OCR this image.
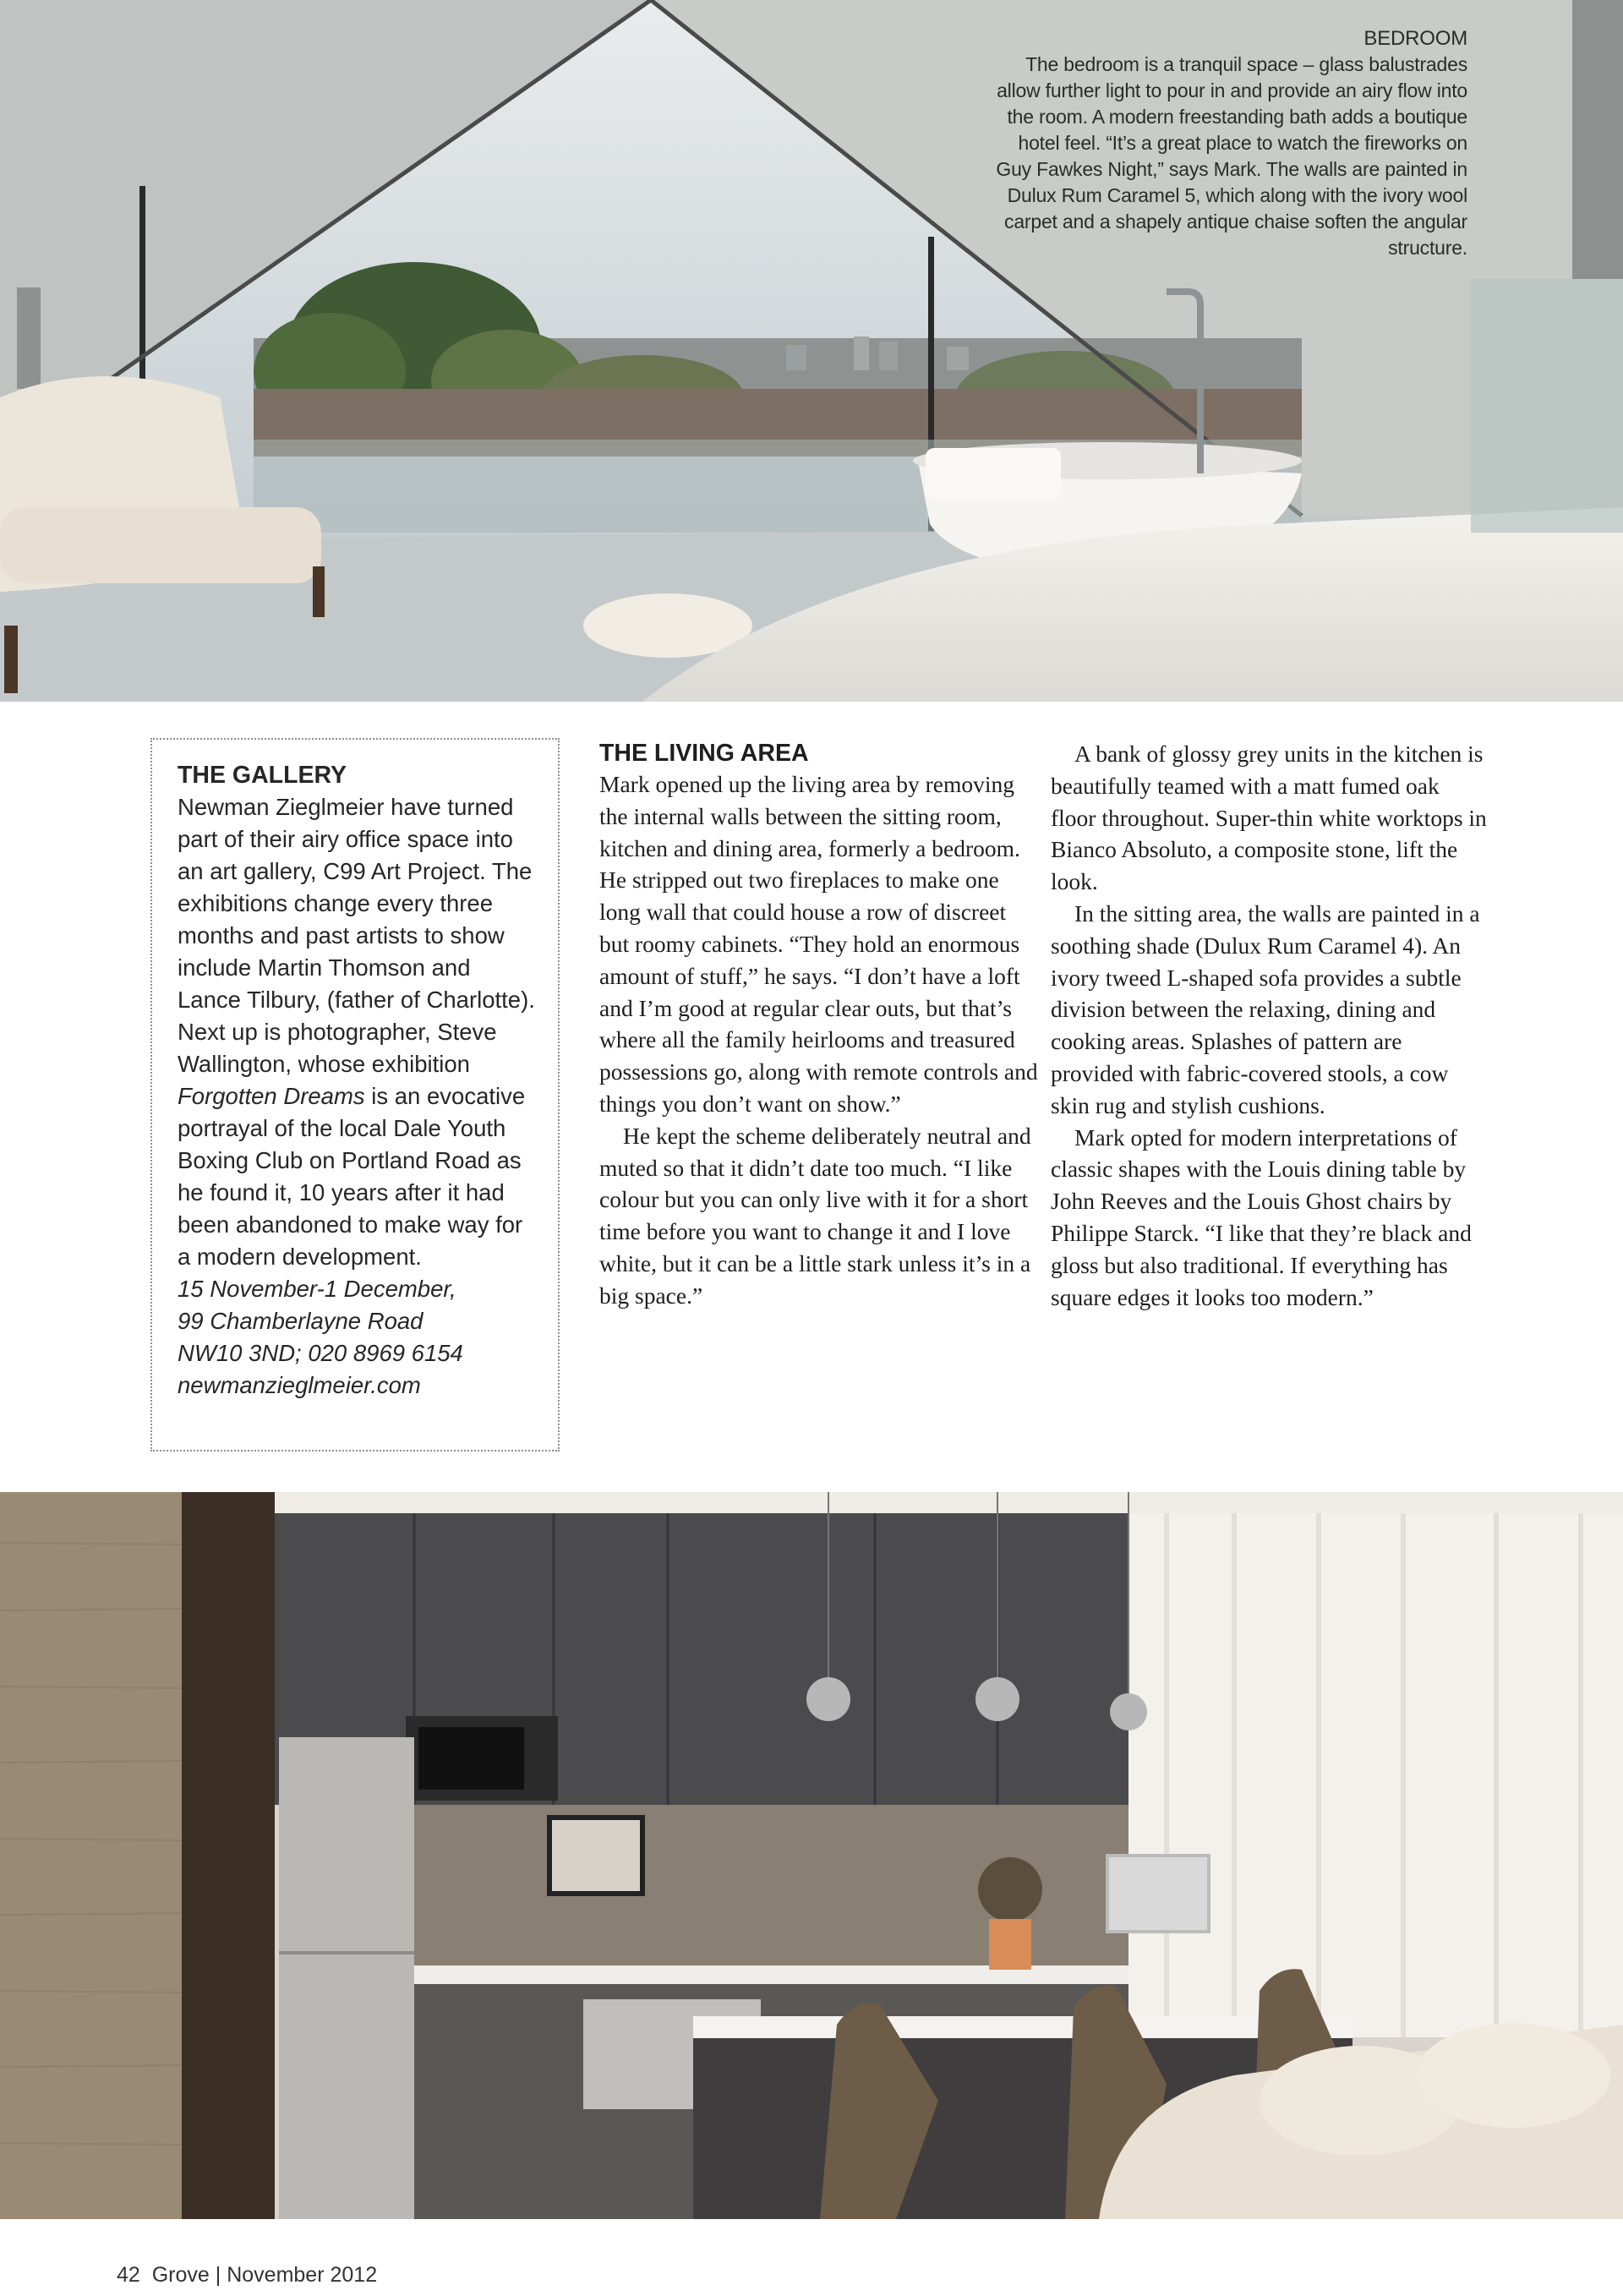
BEDROOM
The bedroom is a tranquil space – glass balustrades allow further light to pour in and provide an airy flow into the room. A modern freestanding bath adds a boutique hotel feel. “It’s a great place to watch the fireworks on Guy Fawkes Night,” says Mark. The walls are painted in Dulux Rum Caramel 5, which along with the ivory wool carpet and a shapely antique chaise soften the angular structure.
THE GALLERY

Newman Zieglmeier have turned part of their airy office space into an art gallery, C99 Art Project. The exhibitions change every three months and past artists to show include Martin Thomson and Lance Tilbury, (father of Charlotte). Next up is photographer, Steve Wallington, whose exhibition Forgotten Dreams is an evocative portrayal of the local Dale Youth Boxing Club on Portland Road as he found it, 10 years after it had been abandoned to make way for a modern development.

15 November-1 December,

99 Chamberlayne Road

NW10 3ND; 020 8969 6154

newmanzieglmeier.com

THE LIVING AREA

Mark opened up the living area by removing the internal walls between the sitting room, kitchen and dining area, formerly a bedroom. He stripped out two fireplaces to make one long wall that could house a row of discreet but roomy cabinets. “They hold an enormous amount of stuff,” he says. “I don’t have a loft and I’m good at regular clear outs, but that’s where all the family heirlooms and treasured possessions go, along with remote controls and things you don’t want on show.”

He kept the scheme deliberately neutral and muted so that it didn’t date too much. “I like colour but you can only live with it for a short time before you want to change it and I love white, but it can be a little stark unless it’s in a big space.”

A bank of glossy grey units in the kitchen is beautifully teamed with a matt fumed oak floor throughout. Super-thin white worktops in Bianco Absoluto, a composite stone, lift the look.

In the sitting area, the walls are painted in a soothing shade (Dulux Rum Caramel 4). An ivory tweed L-shaped sofa provides a subtle division between the relaxing, dining and cooking areas. Splashes of pattern are provided with fabric-covered stools, a cow skin rug and stylish cushions.

Mark opted for modern interpretations of classic shapes with the Louis dining table by John Reeves and the Louis Ghost chairs by Philippe Starck. “I like that they’re black and gloss but also traditional. If everything has square edges it looks too modern.”

42 Grove | November 2012
